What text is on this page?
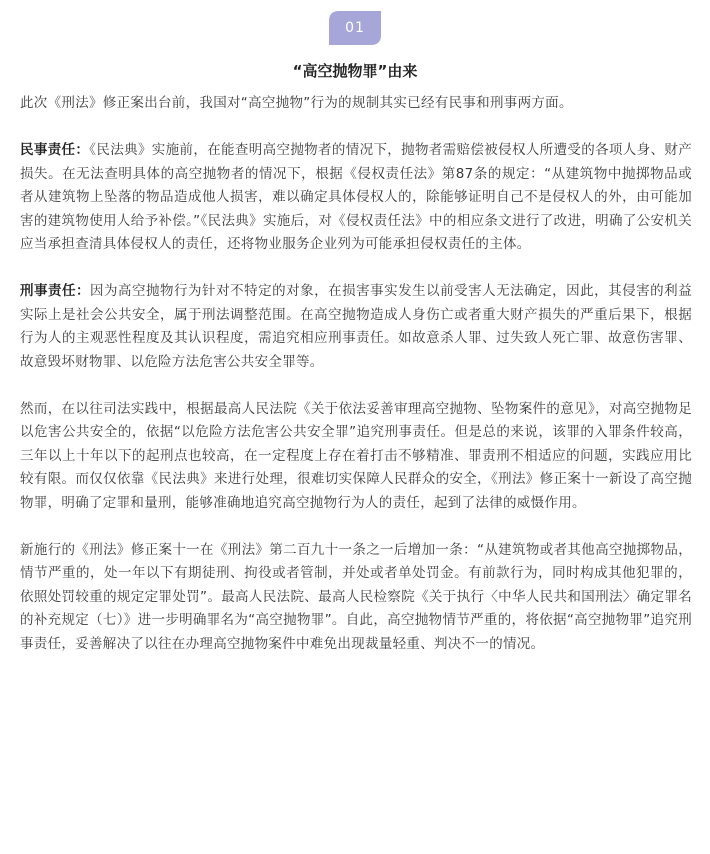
01
“高空抛物罪”由来

此次《刑法》修正案出台前，我国对“高空抛物”行为的规制其实已经有民事和刑事两方面。

民事责任：《民法典》实施前，在能查明高空抛物者的情况下，抛物者需赔偿被侵权人所遭受的各项人身、财产损失。在无法查明具体的高空抛物者的情况下，根据《侵权责任法》第87条的规定：“从建筑物中抛掷物品或者从建筑物上坠落的物品造成他人损害，难以确定具体侵权人的，除能够证明自己不是侵权人的外，由可能加害的建筑物使用人给予补偿。”《民法典》实施后，对《侵权责任法》中的相应条文进行了改进，明确了公安机关应当承担查清具体侵权人的责任，还将物业服务企业列为可能承担侵权责任的主体。

刑事责任：因为高空抛物行为针对不特定的对象，在损害事实发生以前受害人无法确定，因此，其侵害的利益实际上是社会公共安全，属于刑法调整范围。在高空抛物造成人身伤亡或者重大财产损失的严重后果下，根据行为人的主观恶性程度及其认识程度，需追究相应刑事责任。如故意杀人罪、过失致人死亡罪、故意伤害罪、故意毁坏财物罪、以危险方法危害公共安全罪等。

然而，在以往司法实践中，根据最高人民法院《关于依法妥善审理高空抛物、坠物案件的意见》，对高空抛物足以危害公共安全的，依据“以危险方法危害公共安全罪”追究刑事责任。但是总的来说，该罪的入罪条件较高，三年以上十年以下的起刑点也较高，在一定程度上存在着打击不够精准、罪责刑不相适应的问题，实践应用比较有限。而仅仅依靠《民法典》来进行处理，很难切实保障人民群众的安全，《刑法》修正案十一新设了高空抛物罪，明确了定罪和量刑，能够准确地追究高空抛物行为人的责任，起到了法律的威慑作用。

新施行的《刑法》修正案十一在《刑法》第二百九十一条之一后增加一条：“从建筑物或者其他高空抛掷物品，情节严重的，处一年以下有期徒刑、拘役或者管制，并处或者单处罚金。有前款行为，同时构成其他犯罪的，依照处罚较重的规定定罪处罚”。最高人民法院、最高人民检察院《关于执行〈中华人民共和国刑法〉确定罪名的补充规定（七）》进一步明确罪名为“高空抛物罪”。自此，高空抛物情节严重的，将依据“高空抛物罪”追究刑事责任，妥善解决了以往在办理高空抛物案件中难免出现裁量轻重、判决不一的情况。
